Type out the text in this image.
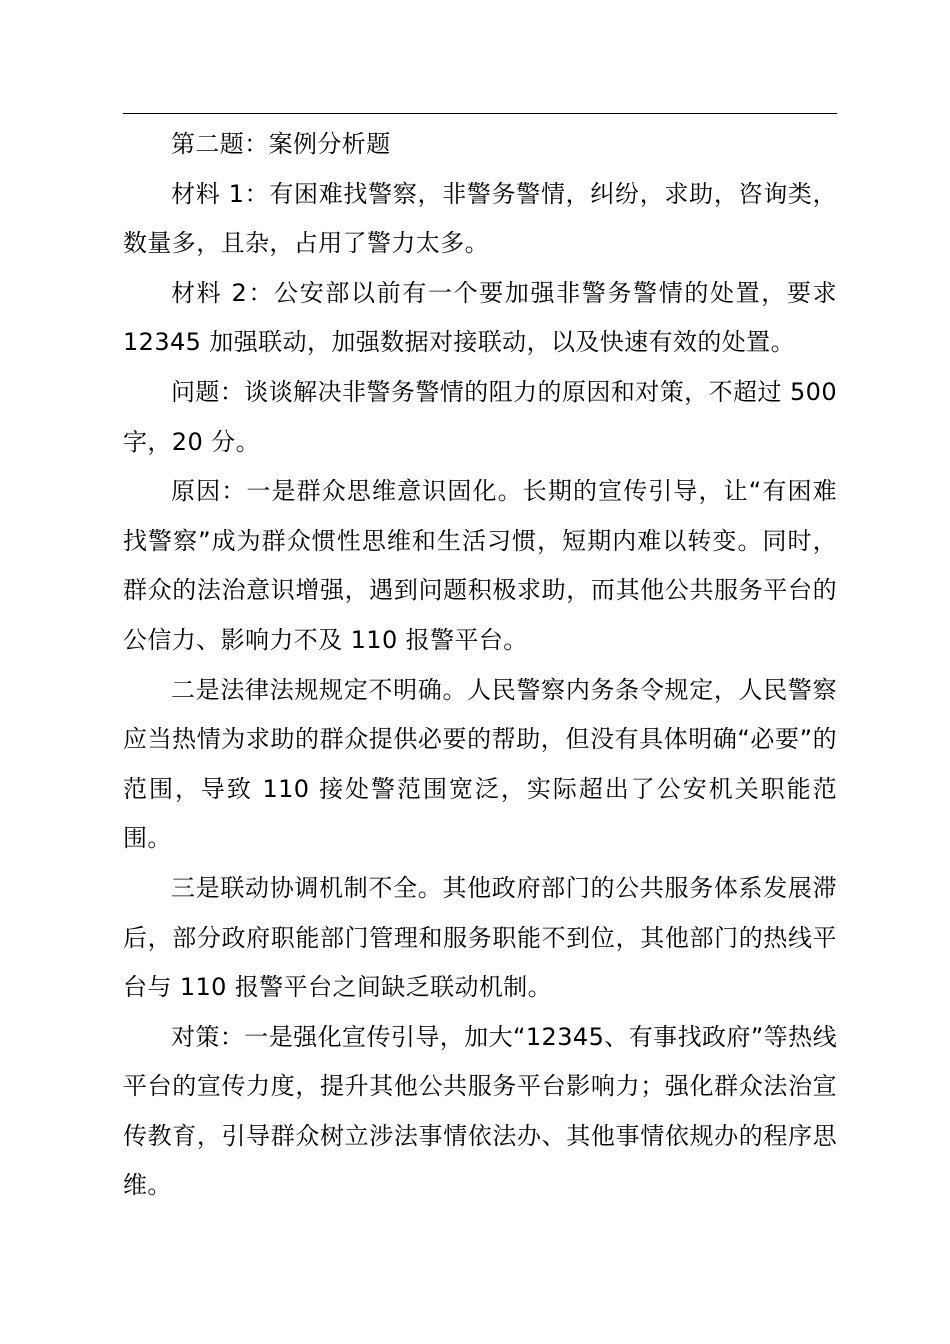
第二题：案例分析题

材料 1：有困难找警察，非警务警情，纠纷，求助，咨询类，数量多，且杂，占用了警力太多。

材料 2：公安部以前有一个要加强非警务警情的处置，要求 12345 加强联动，加强数据对接联动，以及快速有效的处置。

问题：谈谈解决非警务警情的阻力的原因和对策，不超过 500 字，20 分。

原因：一是群众思维意识固化。长期的宣传引导，让“有困难找警察”成为群众惯性思维和生活习惯，短期内难以转变。同时，群众的法治意识增强，遇到问题积极求助，而其他公共服务平台的公信力、影响力不及 110 报警平台。

二是法律法规规定不明确。人民警察内务条令规定，人民警察应当热情为求助的群众提供必要的帮助，但没有具体明确“必要”的范围，导致 110 接处警范围宽泛，实际超出了公安机关职能范围。

三是联动协调机制不全。其他政府部门的公共服务体系发展滞后，部分政府职能部门管理和服务职能不到位，其他部门的热线平台与 110 报警平台之间缺乏联动机制。

对策：一是强化宣传引导，加大“12345、有事找政府”等热线平台的宣传力度，提升其他公共服务平台影响力；强化群众法治宣传教育，引导群众树立涉法事情依法办、其他事情依规办的程序思维。
